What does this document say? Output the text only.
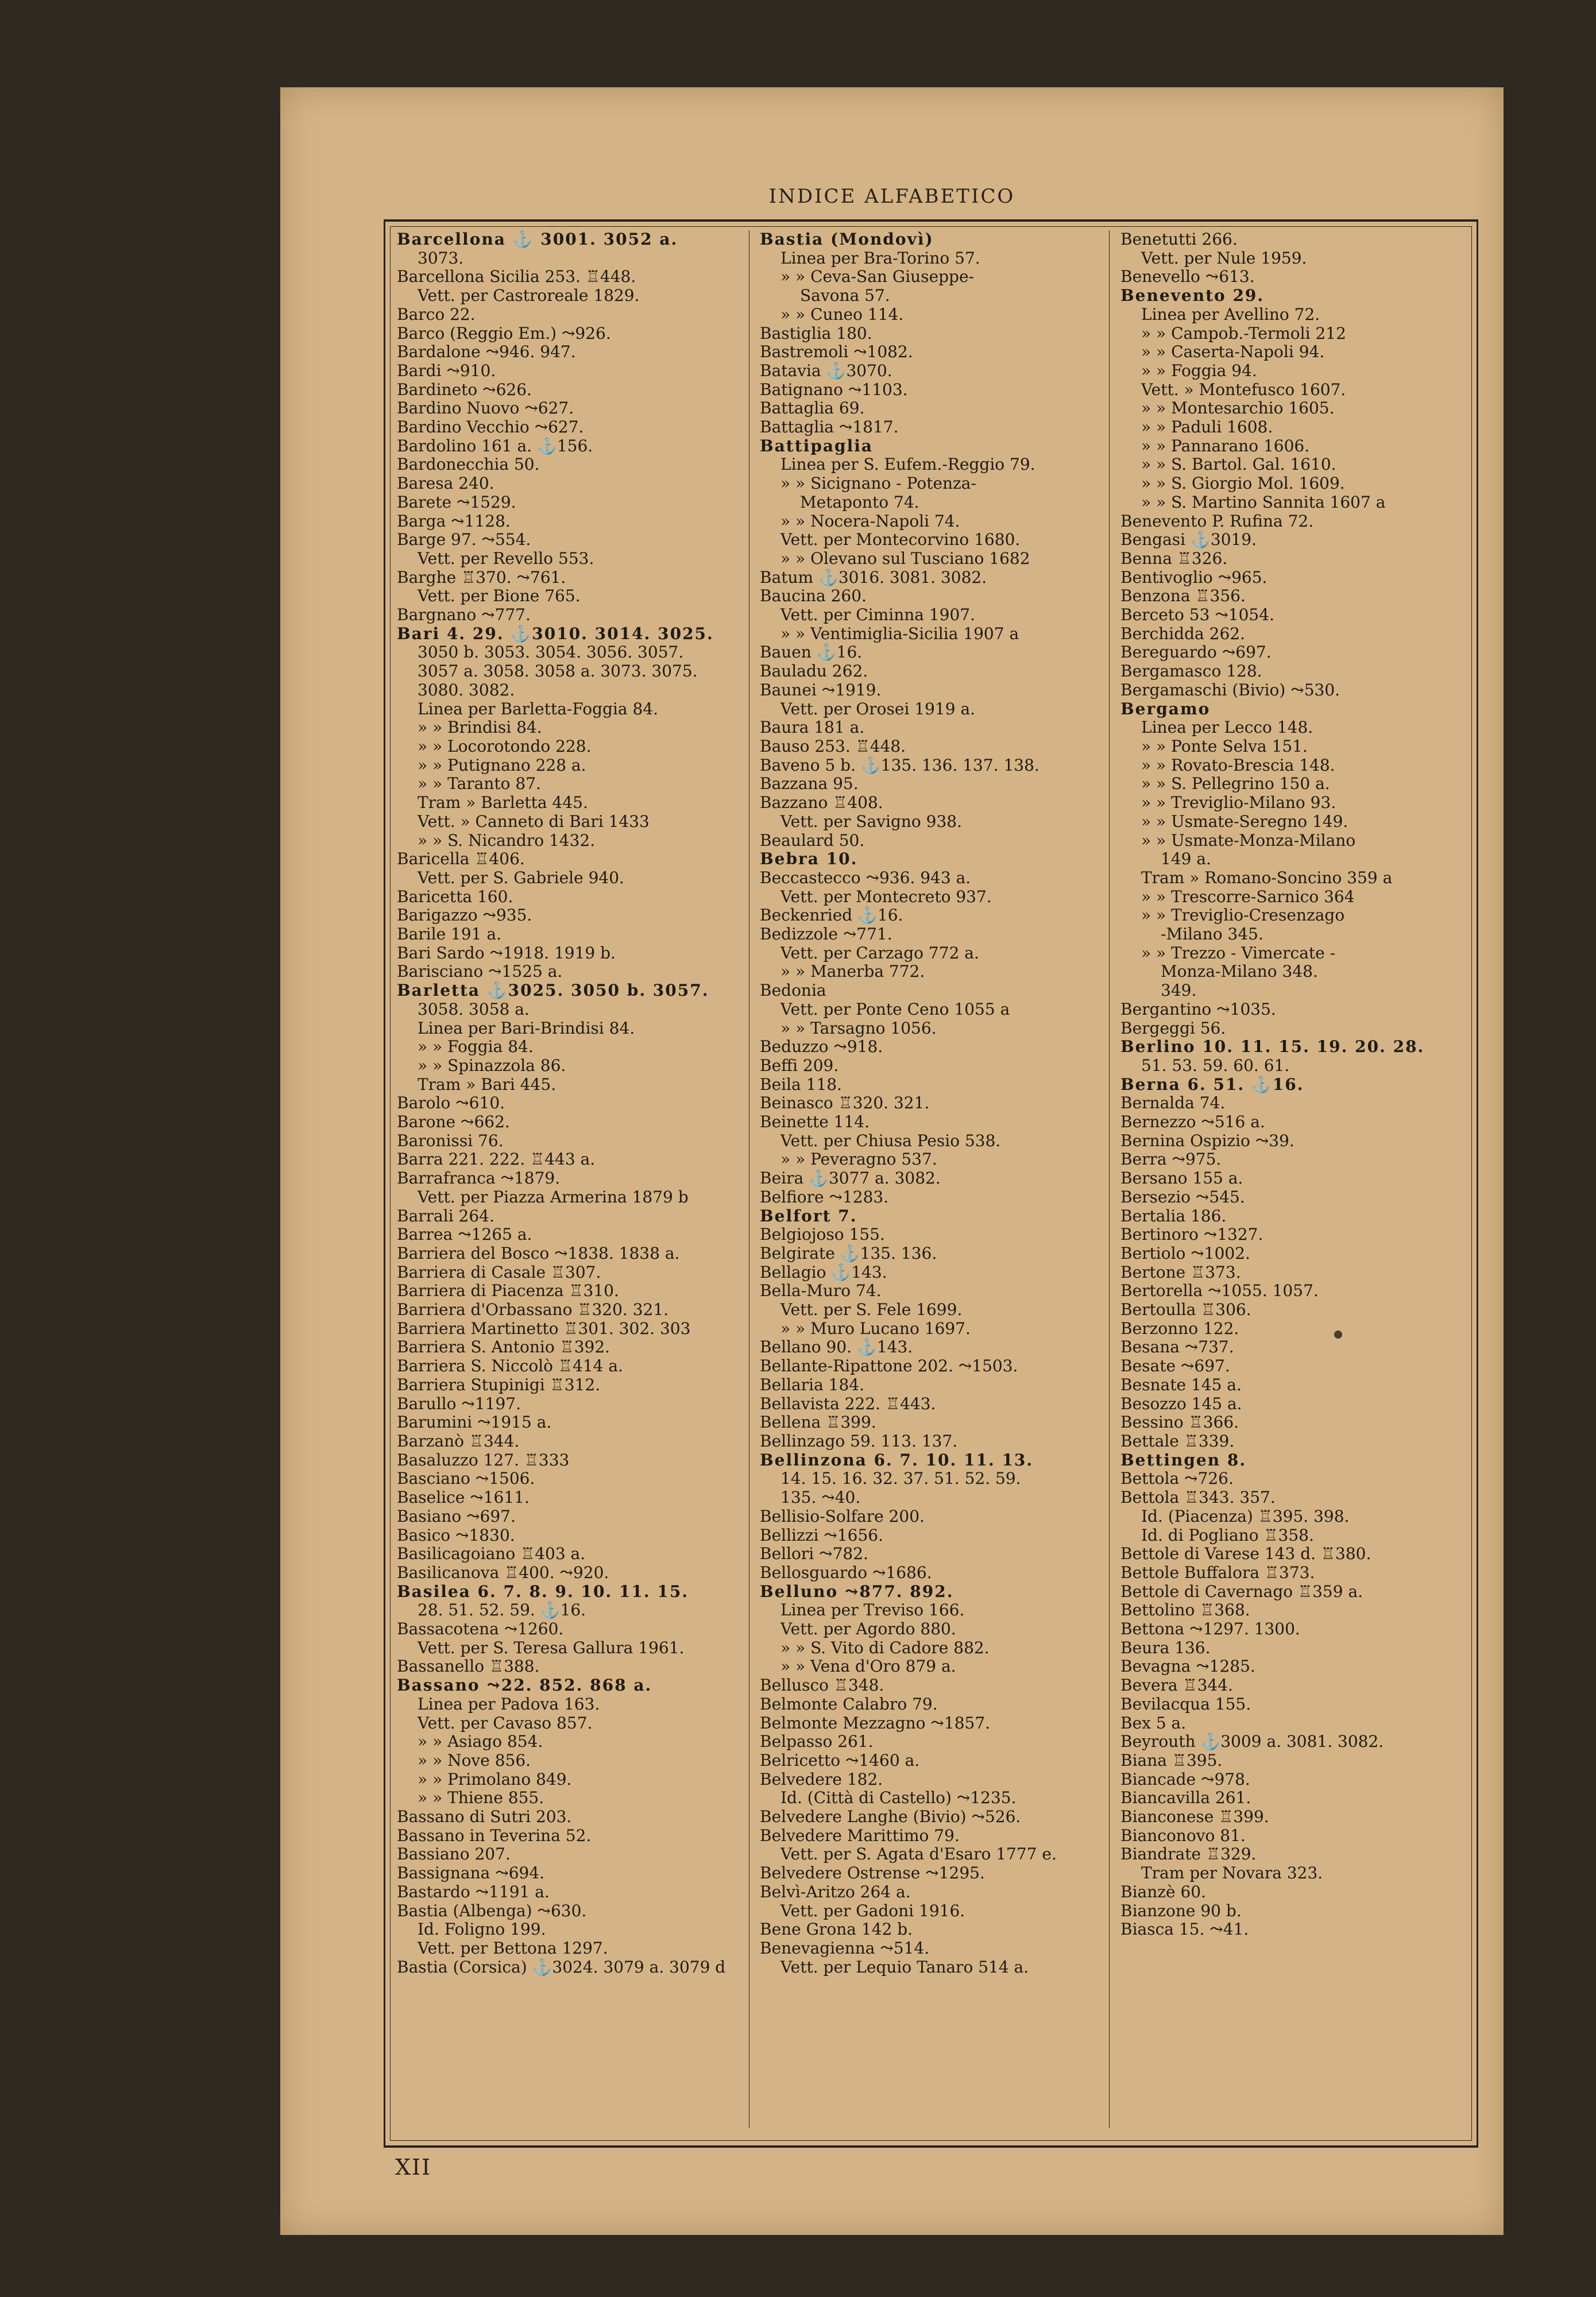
INDICE ALFABETICO
Barcellona ⚓ 3001. 3052 a.
3073.
Barcellona Sicilia 253. ♖448.
Vett. per Castroreale 1829.
Barco 22.
Barco (Reggio Em.) ⤳926.
Bardalone ⤳946. 947.
Bardi ⤳910.
Bardineto ⤳626.
Bardino Nuovo ⤳627.
Bardino Vecchio ⤳627.
Bardolino 161 a. ⚓156.
Bardonecchia 50.
Baresa 240.
Barete ⤳1529.
Barga ⤳1128.
Barge 97. ⤳554.
Vett. per Revello 553.
Barghe ♖370. ⤳761.
Vett. per Bione 765.
Bargnano ⤳777.
Bari 4. 29. ⚓3010. 3014. 3025.
3050 b. 3053. 3054. 3056. 3057.
3057 a. 3058. 3058 a. 3073. 3075.
3080. 3082.
Linea per Barletta-Foggia 84.
» » Brindisi 84.
» » Locorotondo 228.
» » Putignano 228 a.
» » Taranto 87.
Tram » Barletta 445.
Vett. » Canneto di Bari 1433
» » S. Nicandro 1432.
Baricella ♖406.
Vett. per S. Gabriele 940.
Baricetta 160.
Barigazzo ⤳935.
Barile 191 a.
Bari Sardo ⤳1918. 1919 b.
Barisciano ⤳1525 a.
Barletta ⚓3025. 3050 b. 3057.
3058. 3058 a.
Linea per Bari-Brindisi 84.
» » Foggia 84.
» » Spinazzola 86.
Tram » Bari 445.
Barolo ⤳610.
Barone ⤳662.
Baronissi 76.
Barra 221. 222. ♖443 a.
Barrafranca ⤳1879.
Vett. per Piazza Armerina 1879 b
Barrali 264.
Barrea ⤳1265 a.
Barriera del Bosco ⤳1838. 1838 a.
Barriera di Casale ♖307.
Barriera di Piacenza ♖310.
Barriera d'Orbassano ♖320. 321.
Barriera Martinetto ♖301. 302. 303
Barriera S. Antonio ♖392.
Barriera S. Niccolò ♖414 a.
Barriera Stupinigi ♖312.
Barullo ⤳1197.
Barumini ⤳1915 a.
Barzanò ♖344.
Basaluzzo 127. ♖333
Basciano ⤳1506.
Baselice ⤳1611.
Basiano ⤳697.
Basico ⤳1830.
Basilicagoiano ♖403 a.
Basilicanova ♖400. ⤳920.
Basilea 6. 7. 8. 9. 10. 11. 15.
28. 51. 52. 59. ⚓16.
Bassacotena ⤳1260.
Vett. per S. Teresa Gallura 1961.
Bassanello ♖388.
Bassano ⤳22. 852. 868 a.
Linea per Padova 163.
Vett. per Cavaso 857.
» » Asiago 854.
» » Nove 856.
» » Primolano 849.
» » Thiene 855.
Bassano di Sutri 203.
Bassano in Teverina 52.
Bassiano 207.
Bassignana ⤳694.
Bastardo ⤳1191 a.
Bastia (Albenga) ⤳630.
Id. Foligno 199.
Vett. per Bettona 1297.
Bastia (Corsica) ⚓3024. 3079 a. 3079 d
Bastia (Mondovì)
Linea per Bra-Torino 57.
» » Ceva-San Giuseppe-
Savona 57.
» » Cuneo 114.
Bastiglia 180.
Bastremoli ⤳1082.
Batavia ⚓3070.
Batignano ⤳1103.
Battaglia 69.
Battaglia ⤳1817.
Battipaglia
Linea per S. Eufem.-Reggio 79.
» » Sicignano - Potenza-
Metaponto 74.
» » Nocera-Napoli 74.
Vett. per Montecorvino 1680.
» » Olevano sul Tusciano 1682
Batum ⚓3016. 3081. 3082.
Baucina 260.
Vett. per Ciminna 1907.
» » Ventimiglia-Sicilia 1907 a
Bauen ⚓16.
Bauladu 262.
Baunei ⤳1919.
Vett. per Orosei 1919 a.
Baura 181 a.
Bauso 253. ♖448.
Baveno 5 b. ⚓135. 136. 137. 138.
Bazzana 95.
Bazzano ♖408.
Vett. per Savigno 938.
Beaulard 50.
Bebra 10.
Beccastecco ⤳936. 943 a.
Vett. per Montecreto 937.
Beckenried ⚓16.
Bedizzole ⤳771.
Vett. per Carzago 772 a.
» » Manerba 772.
Bedonia
Vett. per Ponte Ceno 1055 a
» » Tarsagno 1056.
Beduzzo ⤳918.
Beffi 209.
Beila 118.
Beinasco ♖320. 321.
Beinette 114.
Vett. per Chiusa Pesio 538.
» » Peveragno 537.
Beira ⚓3077 a. 3082.
Belfiore ⤳1283.
Belfort 7.
Belgiojoso 155.
Belgirate ⚓135. 136.
Bellagio ⚓143.
Bella-Muro 74.
Vett. per S. Fele 1699.
» » Muro Lucano 1697.
Bellano 90. ⚓143.
Bellante-Ripattone 202. ⤳1503.
Bellaria 184.
Bellavista 222. ♖443.
Bellena ♖399.
Bellinzago 59. 113. 137.
Bellinzona 6. 7. 10. 11. 13.
14. 15. 16. 32. 37. 51. 52. 59.
135. ⤳40.
Bellisio-Solfare 200.
Bellizzi ⤳1656.
Bellori ⤳782.
Bellosguardo ⤳1686.
Belluno ⤳877. 892.
Linea per Treviso 166.
Vett. per Agordo 880.
» » S. Vito di Cadore 882.
» » Vena d'Oro 879 a.
Bellusco ♖348.
Belmonte Calabro 79.
Belmonte Mezzagno ⤳1857.
Belpasso 261.
Belricetto ⤳1460 a.
Belvedere 182.
Id. (Città di Castello) ⤳1235.
Belvedere Langhe (Bivio) ⤳526.
Belvedere Marittimo 79.
Vett. per S. Agata d'Esaro 1777 e.
Belvedere Ostrense ⤳1295.
Belvì-Aritzo 264 a.
Vett. per Gadoni 1916.
Bene Grona 142 b.
Benevagienna ⤳514.
Vett. per Lequio Tanaro 514 a.
Benetutti 266.
Vett. per Nule 1959.
Benevello ⤳613.
Benevento 29.
Linea per Avellino 72.
» » Campob.-Termoli 212
» » Caserta-Napoli 94.
» » Foggia 94.
Vett. » Montefusco 1607.
» » Montesarchio 1605.
» » Paduli 1608.
» » Pannarano 1606.
» » S. Bartol. Gal. 1610.
» » S. Giorgio Mol. 1609.
» » S. Martino Sannita 1607 a
Benevento P. Rufina 72.
Bengasi ⚓3019.
Benna ♖326.
Bentivoglio ⤳965.
Benzona ♖356.
Berceto 53 ⤳1054.
Berchidda 262.
Bereguardo ⤳697.
Bergamasco 128.
Bergamaschi (Bivio) ⤳530.
Bergamo
Linea per Lecco 148.
» » Ponte Selva 151.
» » Rovato-Brescia 148.
» » S. Pellegrino 150 a.
» » Treviglio-Milano 93.
» » Usmate-Seregno 149.
» » Usmate-Monza-Milano
149 a.
Tram » Romano-Soncino 359 a
» » Trescorre-Sarnico 364
» » Treviglio-Cresenzago
-Milano 345.
» » Trezzo - Vimercate -
Monza-Milano 348.
349.
Bergantino ⤳1035.
Bergeggi 56.
Berlino 10. 11. 15. 19. 20. 28.
51. 53. 59. 60. 61.
Berna 6. 51. ⚓16.
Bernalda 74.
Bernezzo ⤳516 a.
Bernina Ospizio ⤳39.
Berra ⤳975.
Bersano 155 a.
Bersezio ⤳545.
Bertalia 186.
Bertinoro ⤳1327.
Bertiolo ⤳1002.
Bertone ♖373.
Bertorella ⤳1055. 1057.
Bertoulla ♖306.
Berzonno 122.
Besana ⤳737.
Besate ⤳697.
Besnate 145 a.
Besozzo 145 a.
Bessino ♖366.
Bettale ♖339.
Bettingen 8.
Bettola ⤳726.
Bettola ♖343. 357.
Id. (Piacenza) ♖395. 398.
Id. di Pogliano ♖358.
Bettole di Varese 143 d. ♖380.
Bettole Buffalora ♖373.
Bettole di Cavernago ♖359 a.
Bettolino ♖368.
Bettona ⤳1297. 1300.
Beura 136.
Bevagna ⤳1285.
Bevera ♖344.
Bevilacqua 155.
Bex 5 a.
Beyrouth ⚓3009 a. 3081. 3082.
Biana ♖395.
Biancade ⤳978.
Biancavilla 261.
Bianconese ♖399.
Bianconovo 81.
Biandrate ♖329.
Tram per Novara 323.
Bianzè 60.
Bianzone 90 b.
Biasca 15. ⤳41.
XII
